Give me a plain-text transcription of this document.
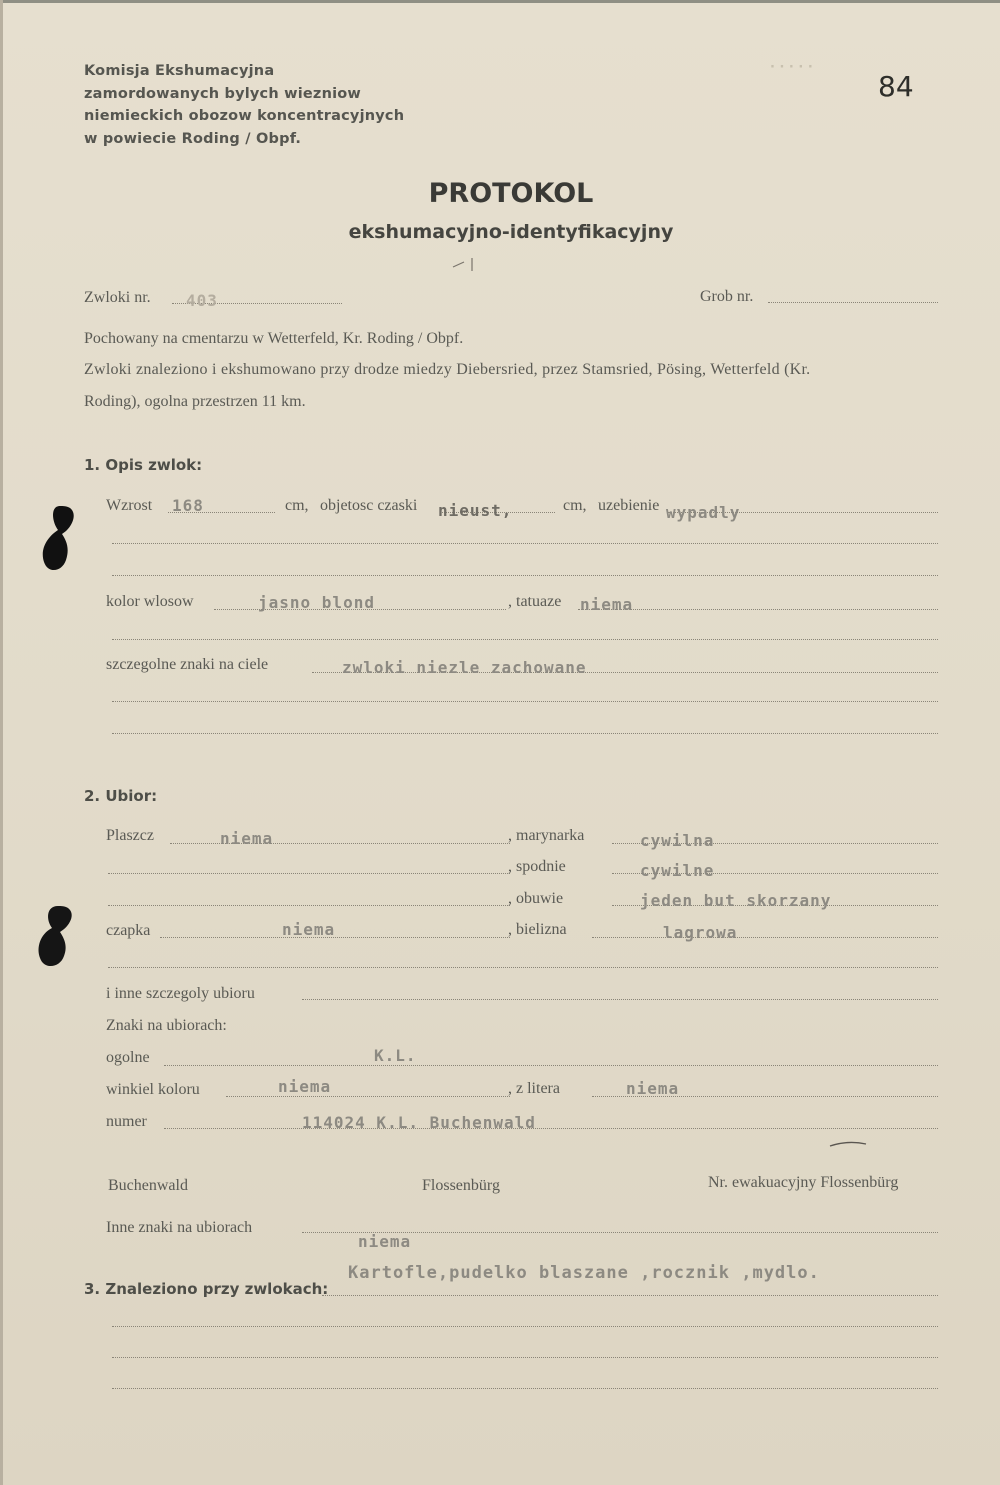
Komisja Ekshumacyjna
zamordowanych bylych wiezniow
niemieckich obozow koncentracyjnych
w powiecie Roding / Obpf.
84
· · · · ·
PROTOKOL
ekshumacyjno-identyfikacyjny
Zwloki nr. 403	Grob nr.
Pochowany na cmentarzu w Wetterfeld, Kr. Roding / Obpf.
Zwloki znaleziono i ekshumowano przy drodze miedzy Diebersried, przez Stamsried, Pösing, Wetterfeld (Kr.
Roding), ogolna przestrzen 11 km.
1. Opis zwlok:
Wzrost 168	cm, objetosc czaski nieust,	cm, uzebienie wypadly
kolor wlosow	jasno blond	, tatuaze niema
szczegolne znaki na ciele	zwloki niezle zachowane
2. Ubior:
Plaszcz	niema	, marynarka	cywilna
, spodnie	cywilne
, obuwie	jeden but skorzany
czapka	niema	, bielizna	lagrowa
i inne szczegoly ubioru
Znaki na ubiorach:
ogolne	K.L.
winkiel koloru	niema	, z litera	niema
numer	114024 K.L. Buchenwald
Buchenwald	Flossenbürg	Nr. ewakuacyjny Flossenbürg
Inne znaki na ubiorach
niema
Kartofle,pudelko blaszane ,rocznik ,mydlo.
3. Znaleziono przy zwlokach:
